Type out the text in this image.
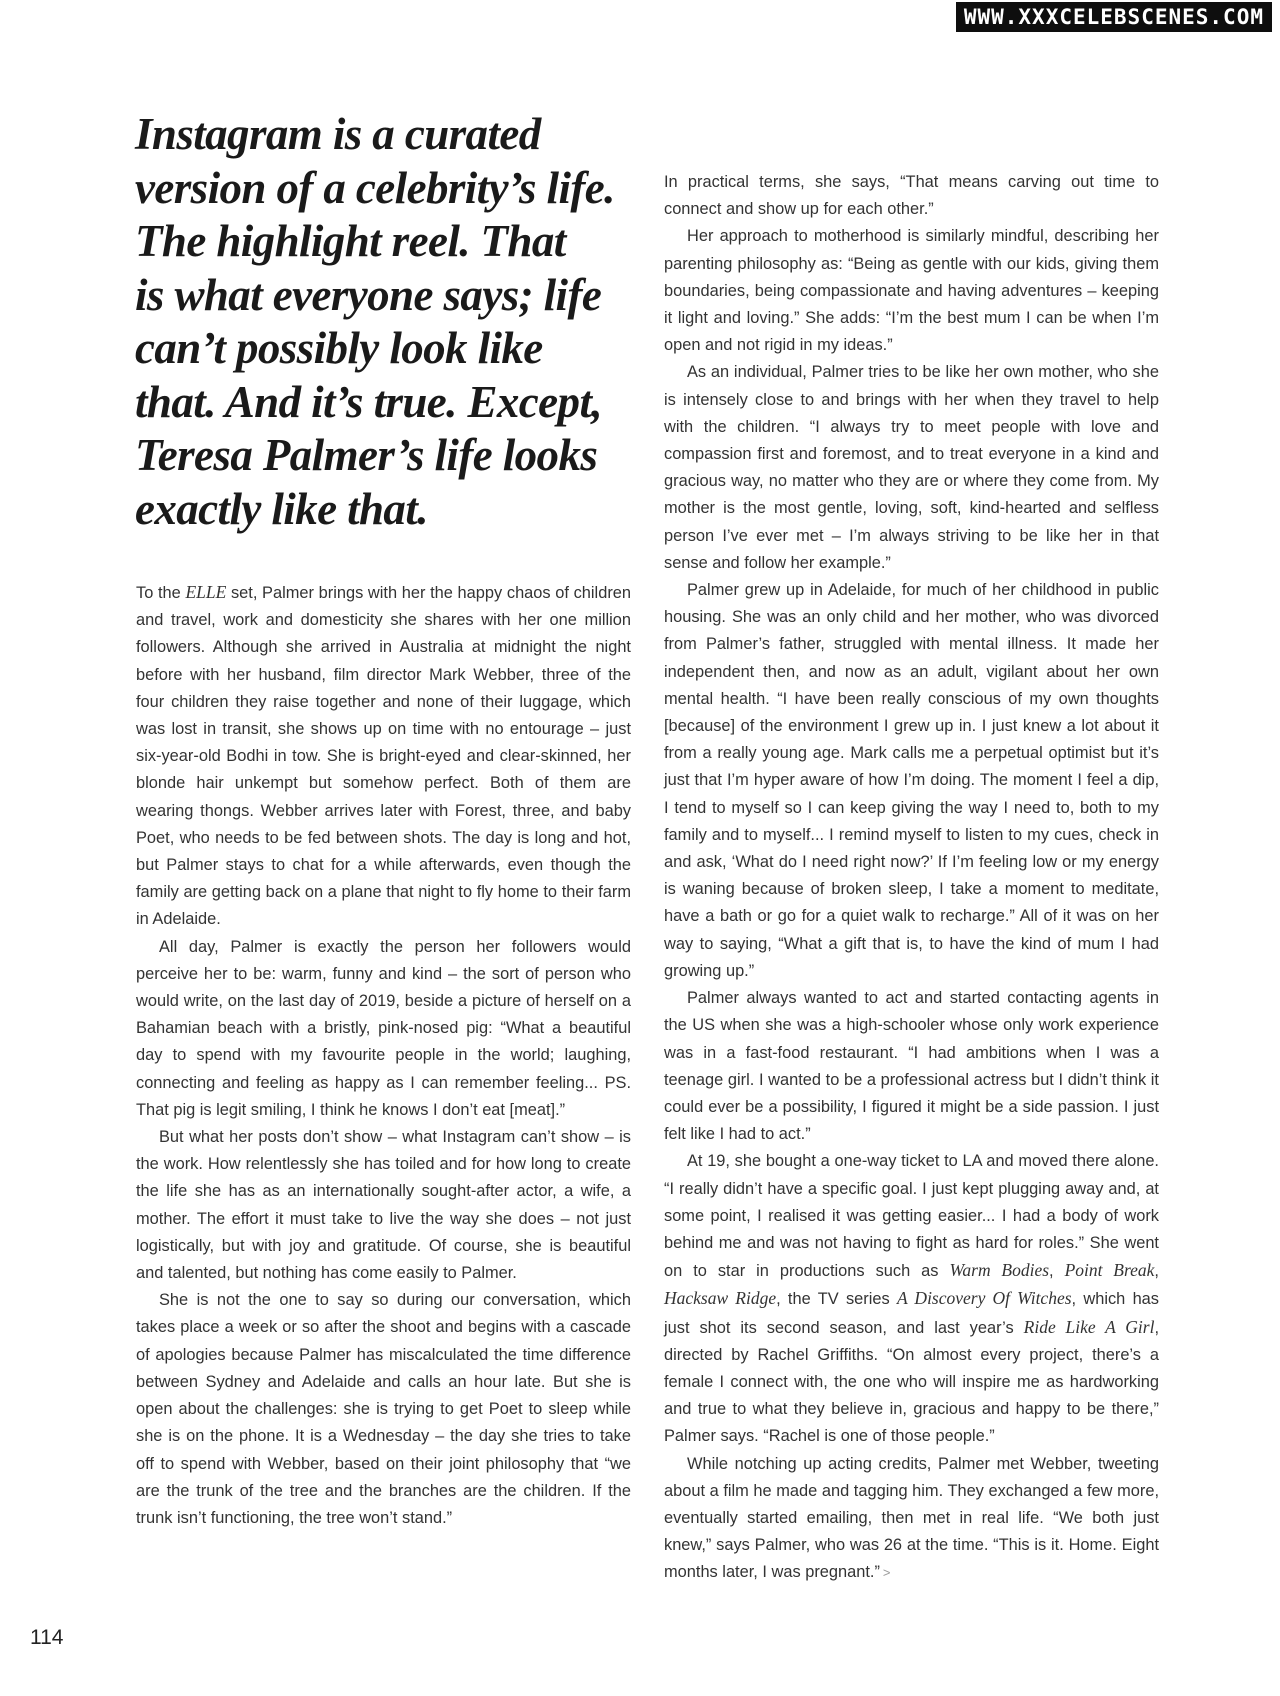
WWW.XXXCELEBSCENES.COM
Instagram is a curated
version of a celebrity’s life.
The highlight reel. That
is what everyone says; life
can’t possibly look like
that. And it’s true. Except,
Teresa Palmer’s life looks
exactly like that.

To the ELLE set, Palmer brings with her the happy chaos of children and travel, work and domesticity she shares with her one million followers. Although she arrived in Australia at midnight the night before with her husband, film director Mark Webber, three of the four children they raise together and none of their luggage, which was lost in transit, she shows up on time with no entourage – just six-year-old Bodhi in tow. She is bright-eyed and clear-skinned, her blonde hair unkempt but somehow perfect. Both of them are wearing thongs. Webber arrives later with Forest, three, and baby Poet, who needs to be fed between shots. The day is long and hot, but Palmer stays to chat for a while afterwards, even though the family are getting back on a plane that night to fly home to their farm in Adelaide.

All day, Palmer is exactly the person her followers would perceive her to be: warm, funny and kind – the sort of person who would write, on the last day of 2019, beside a picture of herself on a Bahamian beach with a bristly, pink-nosed pig: “What a beautiful day to spend with my favourite people in the world; laughing, connecting and feeling as happy as I can remember feeling... PS. That pig is legit smiling, I think he knows I don’t eat [meat].”

But what her posts don’t show – what Instagram can’t show – is the work. How relentlessly she has toiled and for how long to create the life she has as an internationally sought-after actor, a wife, a mother. The effort it must take to live the way she does – not just logistically, but with joy and gratitude. Of course, she is beautiful and talented, but nothing has come easily to Palmer.

She is not the one to say so during our conversation, which takes place a week or so after the shoot and begins with a cascade of apologies because Palmer has miscalculated the time difference between Sydney and Adelaide and calls an hour late. But she is open about the challenges: she is trying to get Poet to sleep while she is on the phone. It is a Wednesday – the day she tries to take off to spend with Webber, based on their joint philosophy that “we are the trunk of the tree and the branches are the children. If the trunk isn’t functioning, the tree won’t stand.”

In practical terms, she says, “That means carving out time to connect and show up for each other.”

Her approach to motherhood is similarly mindful, describing her parenting philosophy as: “Being as gentle with our kids, giving them boundaries, being compassionate and having adventures – keeping it light and loving.” She adds: “I’m the best mum I can be when I’m open and not rigid in my ideas.”

As an individual, Palmer tries to be like her own mother, who she is intensely close to and brings with her when they travel to help with the children. “I always try to meet people with love and compassion first and foremost, and to treat everyone in a kind and gracious way, no matter who they are or where they come from. My mother is the most gentle, loving, soft, kind-hearted and selfless person I’ve ever met – I’m always striving to be like her in that sense and follow her example.”

Palmer grew up in Adelaide, for much of her childhood in public housing. She was an only child and her mother, who was divorced from Palmer’s father, struggled with mental illness. It made her independent then, and now as an adult, vigilant about her own mental health. “I have been really conscious of my own thoughts [because] of the environment I grew up in. I just knew a lot about it from a really young age. Mark calls me a perpetual optimist but it’s just that I’m hyper aware of how I’m doing. The moment I feel a dip, I tend to myself so I can keep giving the way I need to, both to my family and to myself... I remind myself to listen to my cues, check in and ask, ‘What do I need right now?’ If I’m feeling low or my energy is waning because of broken sleep, I take a moment to meditate, have a bath or go for a quiet walk to recharge.” All of it was on her way to saying, “What a gift that is, to have the kind of mum I had growing up.”

Palmer always wanted to act and started contacting agents in the US when she was a high-schooler whose only work experience was in a fast-food restaurant. “I had ambitions when I was a teenage girl. I wanted to be a professional actress but I didn’t think it could ever be a possibility, I figured it might be a side passion. I just felt like I had to act.”

At 19, she bought a one-way ticket to LA and moved there alone. “I really didn’t have a specific goal. I just kept plugging away and, at some point, I realised it was getting easier... I had a body of work behind me and was not having to fight as hard for roles.” She went on to star in productions such as Warm Bodies, Point Break, Hacksaw Ridge, the TV series A Discovery Of Witches, which has just shot its second season, and last year’s Ride Like A Girl, directed by Rachel Griffiths. “On almost every project, there’s a female I connect with, the one who will inspire me as hardworking and true to what they believe in, gracious and happy to be there,” Palmer says. “Rachel is one of those people.”

While notching up acting credits, Palmer met Webber, tweeting about a film he made and tagging him. They exchanged a few more, eventually started emailing, then met in real life. “We both just knew,” says Palmer, who was 26 at the time. “This is it. Home. Eight months later, I was pregnant.” >

114
